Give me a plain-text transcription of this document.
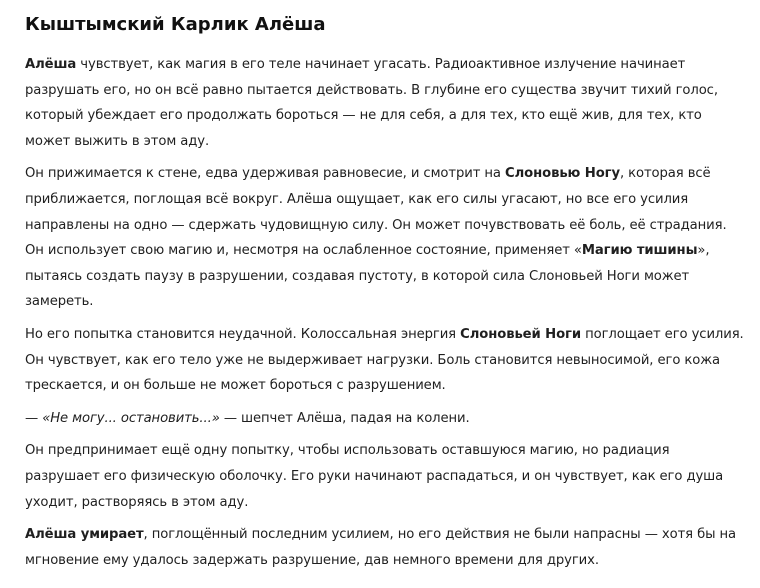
Кыштымский Карлик Алёша

Алёша чувствует, как магия в его теле начинает угасать. Радиоактивное излучение начинает разрушать его, но он всё равно пытается действовать. В глубине его существа звучит тихий голос, который убеждает его продолжать бороться — не для себя, а для тех, кто ещё жив, для тех, кто может выжить в этом аду.

Он прижимается к стене, едва удерживая равновесие, и смотрит на Слоновью Ногу, которая всё приближается, поглощая всё вокруг. Алёша ощущает, как его силы угасают, но все его усилия направлены на одно — сдержать чудовищную силу. Он может почувствовать её боль, её страдания. Он использует свою магию и, несмотря на ослабленное состояние, применяет «Магию тишины», пытаясь создать паузу в разрушении, создавая пустоту, в которой сила Слоновьей Ноги может замереть.

Но его попытка становится неудачной. Колоссальная энергия Слоновьей Ноги поглощает его усилия. Он чувствует, как его тело уже не выдерживает нагрузки. Боль становится невыносимой, его кожа трескается, и он больше не может бороться с разрушением.

— «Не могу... остановить...» — шепчет Алёша, падая на колени.

Он предпринимает ещё одну попытку, чтобы использовать оставшуюся магию, но радиация разрушает его физическую оболочку. Его руки начинают распадаться, и он чувствует, как его душа уходит, растворяясь в этом аду.

Алёша умирает, поглощённый последним усилием, но его действия не были напрасны — хотя бы на мгновение ему удалось задержать разрушение, дав немного времени для других.
